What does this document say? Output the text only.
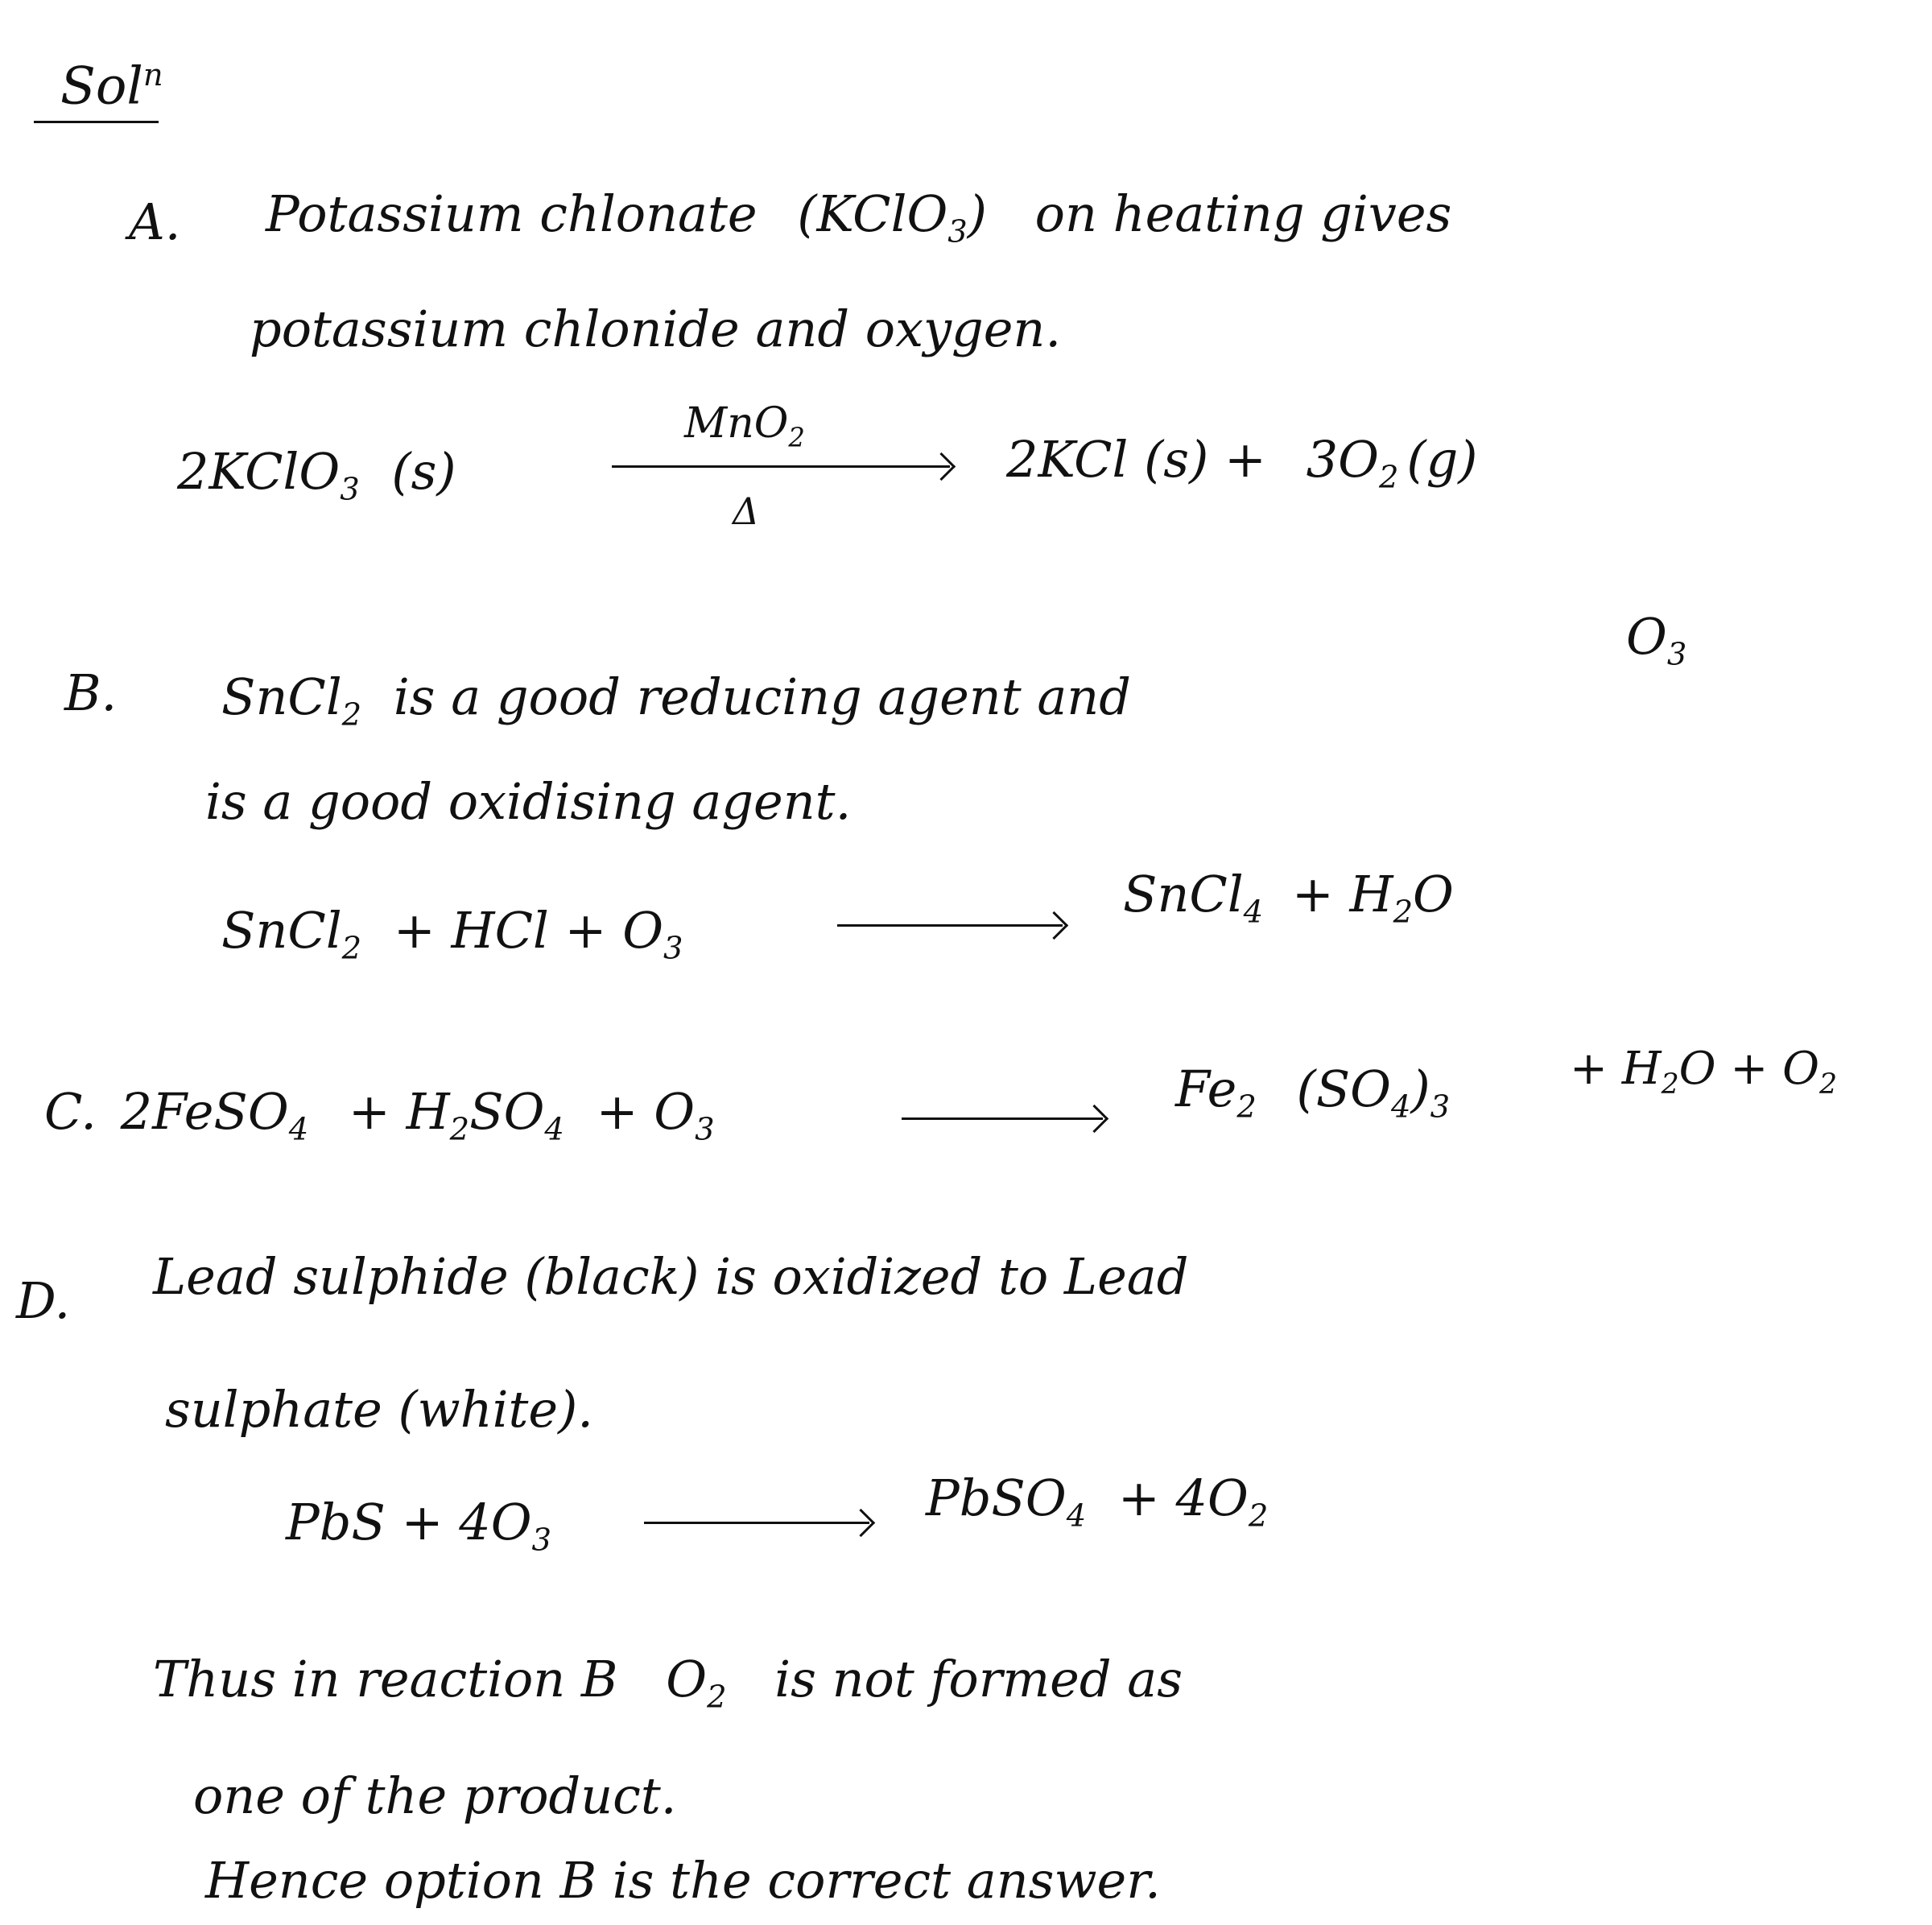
Sol$^n$
A. Potassium chlonate (KClO$_3$) on heating gives
potassium chlonide and oxygen.
2KClO$_3$ (s)
MnO$_2$
Δ
2KCl $(s) + 3O_2$ (g)
B. SnCl$_2$ is a good reducing agent and
$O_3$
is a good oxidising agent.
SnCl$_2$ + HCl + $O_3$
SnCl$_4$ + $H_2O$
C. 2FeSO$_4$ + $H_2SO_4 + O_3$
$Fe_2$ $(SO_4)_3$
+ $H_2O + O_2$
D. Lead sulphide (black) is oxidized to Lead
sulphate (white).
PbS + $4O_3$
PbSO$_4$ + $4O_2$
Thus in reaction B $O_2$ is not formed as
one of the product.
Hence option B is the correct answer.
